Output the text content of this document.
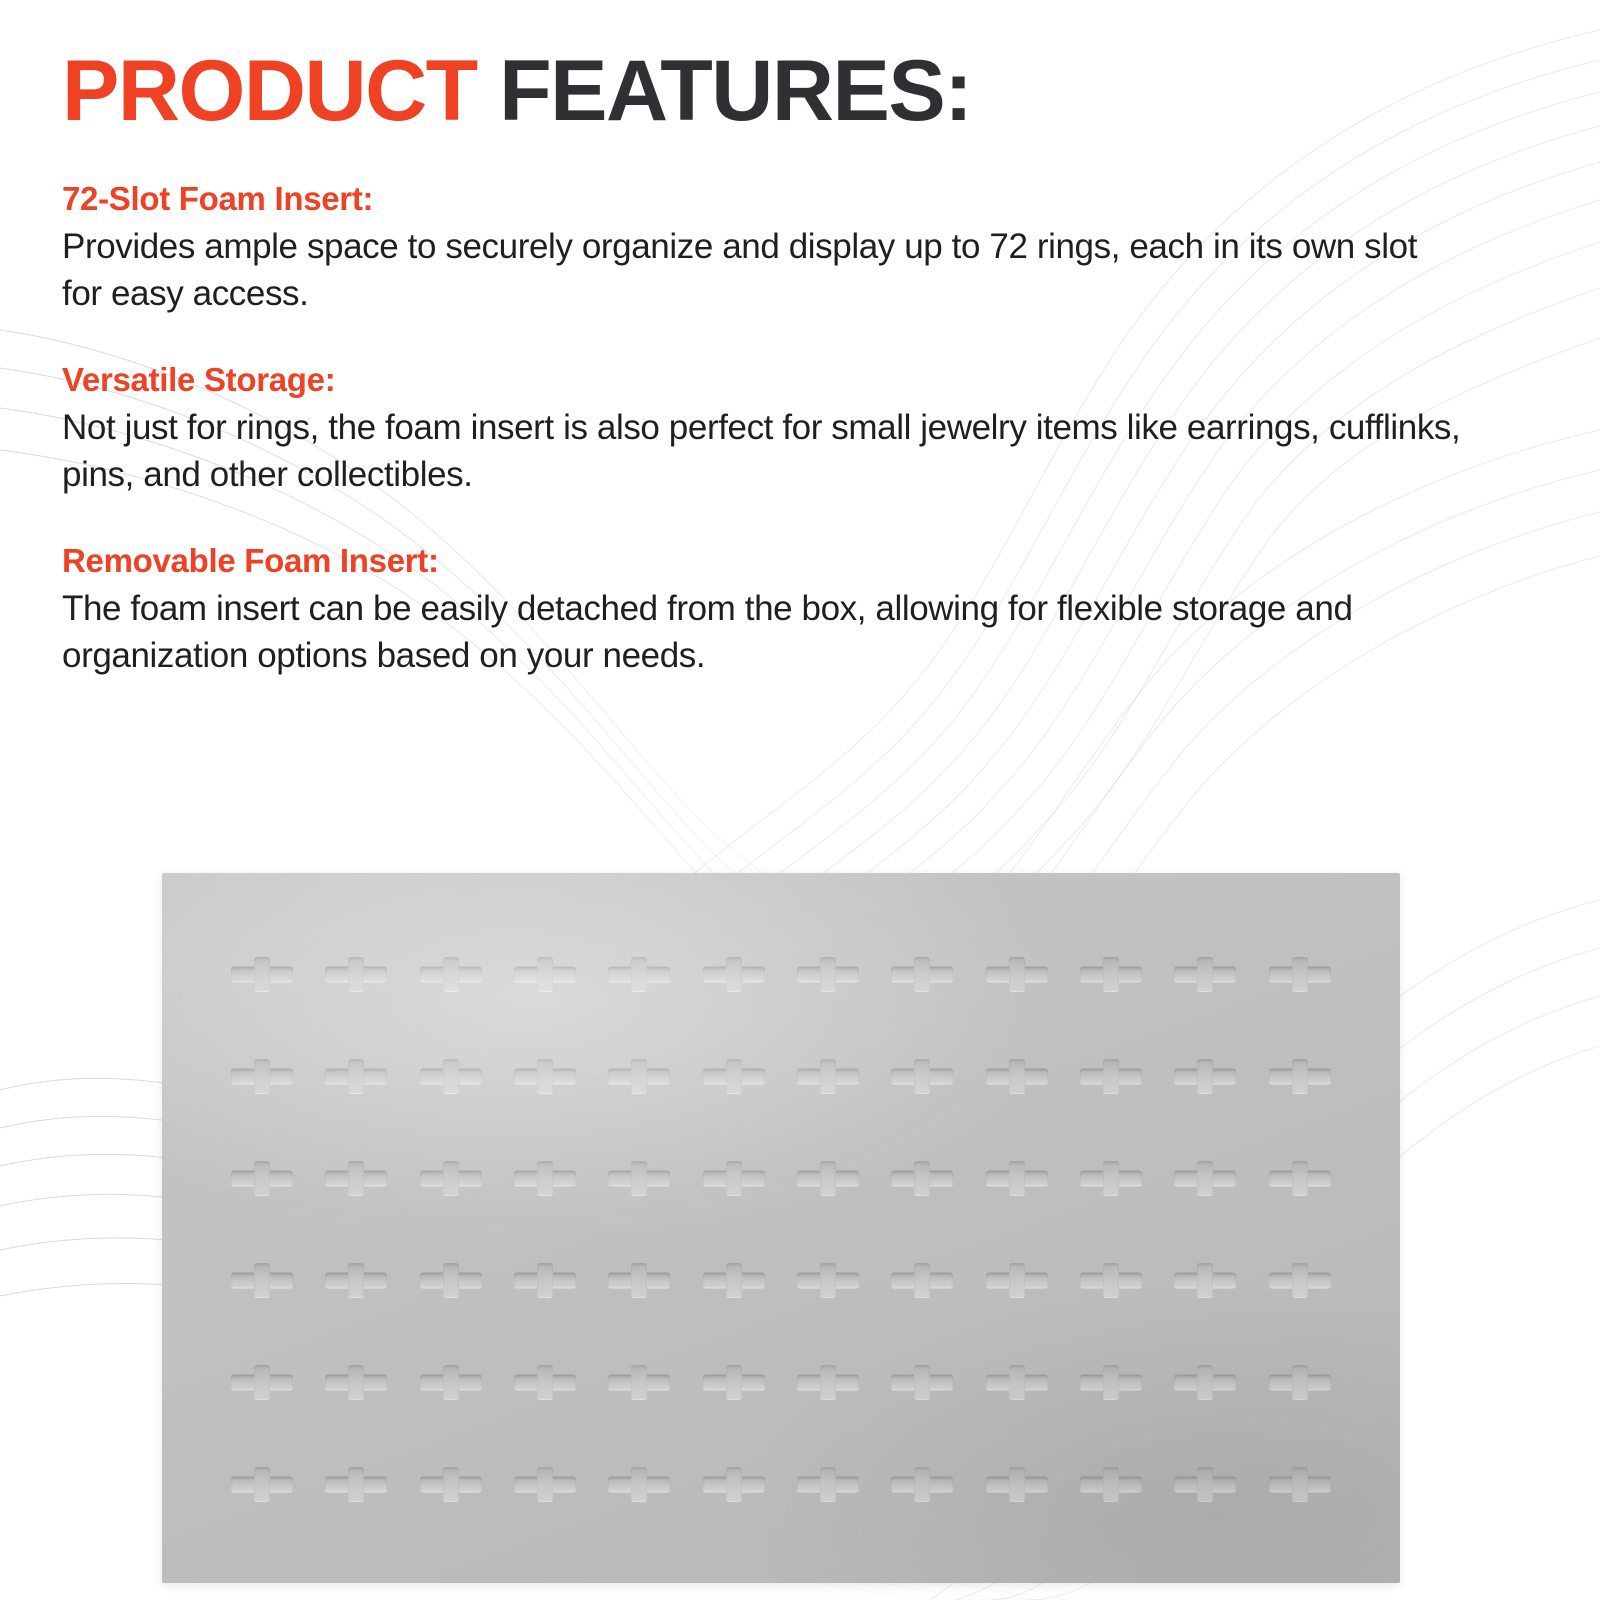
PRODUCT FEATURES:
72-Slot Foam Insert:
Provides ample space to securely organize and display up to 72 rings, each in its own slot for easy access.
Versatile Storage:
Not just for rings, the foam insert is also perfect for small jewelry items like earrings, cufflinks, pins, and other collectibles.
Removable Foam Insert:
The foam insert can be easily detached from the box, allowing for flexible storage and organization options based on your needs.
